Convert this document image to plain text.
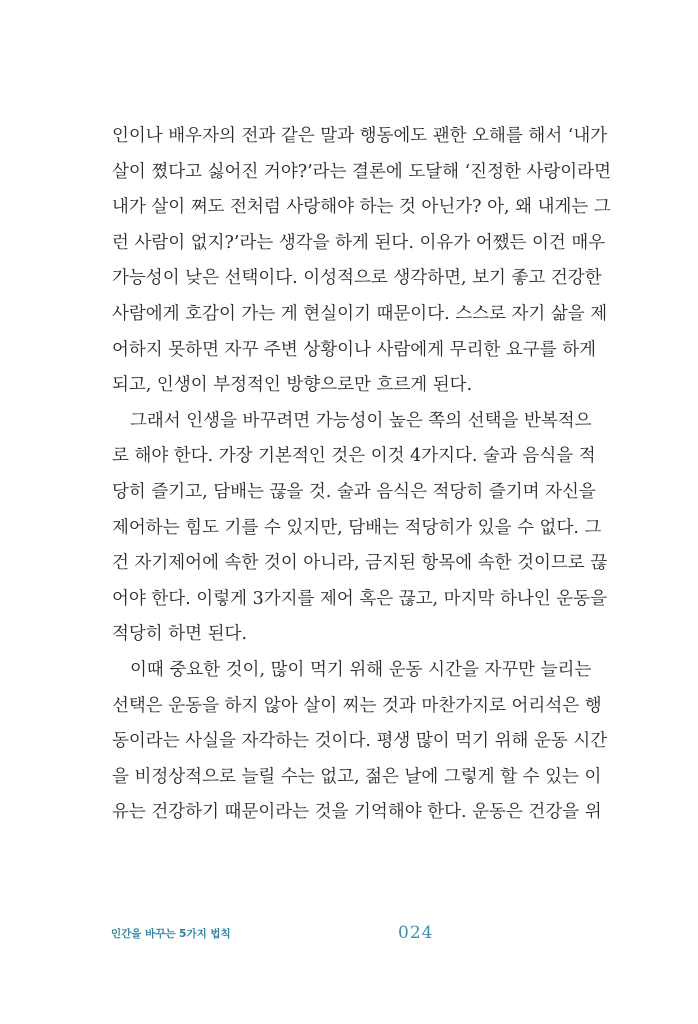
인이나 배우자의 전과 같은 말과 행동에도 괜한 오해를 해서 ‘내가
살이 쪘다고 싫어진 거야?’라는 결론에 도달해 ‘진정한 사랑이라면
내가 살이 쪄도 전처럼 사랑해야 하는 것 아닌가? 아, 왜 내게는 그
런 사람이 없지?’라는 생각을 하게 된다. 이유가 어쨌든 이건 매우
가능성이 낮은 선택이다. 이성적으로 생각하면, 보기 좋고 건강한
사람에게 호감이 가는 게 현실이기 때문이다. 스스로 자기 삶을 제
어하지 못하면 자꾸 주변 상황이나 사람에게 무리한 요구를 하게
되고, 인생이 부정적인 방향으로만 흐르게 된다.
그래서 인생을 바꾸려면 가능성이 높은 쪽의 선택을 반복적으
로 해야 한다. 가장 기본적인 것은 이것 4가지다. 술과 음식을 적
당히 즐기고, 담배는 끊을 것. 술과 음식은 적당히 즐기며 자신을
제어하는 힘도 기를 수 있지만, 담배는 적당히가 있을 수 없다. 그
건 자기제어에 속한 것이 아니라, 금지된 항목에 속한 것이므로 끊
어야 한다. 이렇게 3가지를 제어 혹은 끊고, 마지막 하나인 운동을
적당히 하면 된다.
이때 중요한 것이, 많이 먹기 위해 운동 시간을 자꾸만 늘리는
선택은 운동을 하지 않아 살이 찌는 것과 마찬가지로 어리석은 행
동이라는 사실을 자각하는 것이다. 평생 많이 먹기 위해 운동 시간
을 비정상적으로 늘릴 수는 없고, 젊은 날에 그렇게 할 수 있는 이
유는 건강하기 때문이라는 것을 기억해야 한다. 운동은 건강을 위
인간을 바꾸는 5가지 법칙	024
